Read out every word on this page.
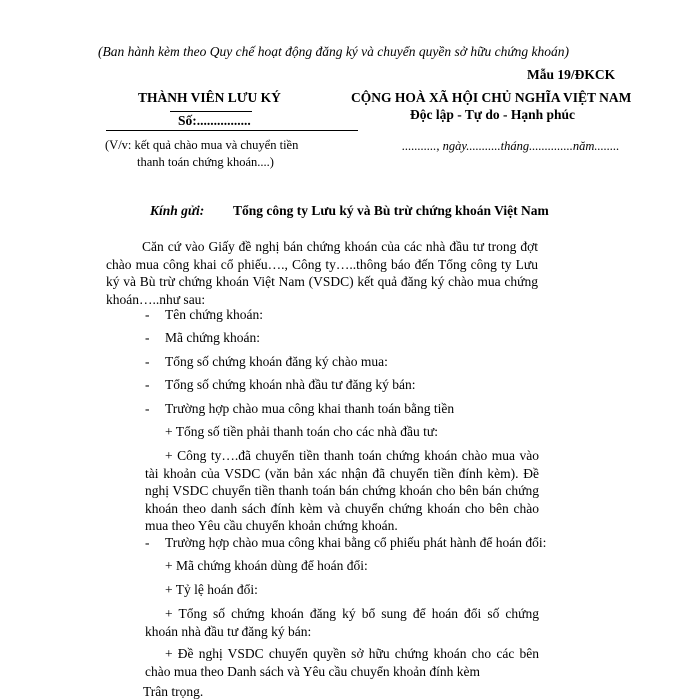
(Ban hành kèm theo Quy chế hoạt động đăng ký và chuyển quyền sở hữu chứng khoán)
Mẫu 19/ĐKCK
THÀNH VIÊN LƯU KÝ
Số:................
CỘNG HOÀ XÃ HỘI CHỦ NGHĨA VIỆT NAM
Độc lập - Tự do - Hạnh phúc
(V/v: kết quả chào mua và chuyển tiền
thanh toán chứng khoán....)
..........., ngày...........tháng..............năm........
Kính gửi: Tổng công ty Lưu ký và Bù trừ chứng khoán Việt Nam
Căn cứ vào Giấy đề nghị bán chứng khoán của các nhà đầu tư trong đợt chào mua công khai cổ phiếu…., Công ty…..thông báo đến Tổng công ty Lưu ký và Bù trừ chứng khoán Việt Nam (VSDC) kết quả đăng ký chào mua chứng khoán…..như sau:
- Tên chứng khoán:
- Mã chứng khoán:
- Tổng số chứng khoán đăng ký chào mua:
- Tổng số chứng khoán nhà đầu tư đăng ký bán:
- Trường hợp chào mua công khai thanh toán bằng tiền
+ Tổng số tiền phải thanh toán cho các nhà đầu tư:
+ Công ty….đã chuyển tiền thanh toán chứng khoán chào mua vào tài khoản của VSDC (văn bản xác nhận đã chuyển tiền đính kèm). Đề nghị VSDC chuyển tiền thanh toán bán chứng khoán cho bên bán chứng khoán theo danh sách đính kèm và chuyển chứng khoán cho bên chào mua theo Yêu cầu chuyển khoản chứng khoán.
- Trường hợp chào mua công khai bằng cổ phiếu phát hành để hoán đổi:
+ Mã chứng khoán dùng để hoán đổi:
+ Tỷ lệ hoán đổi:
+ Tổng số chứng khoán đăng ký bổ sung để hoán đổi số chứng khoán nhà đầu tư đăng ký bán:
+ Đề nghị VSDC chuyển quyền sở hữu chứng khoán cho các bên chào mua theo Danh sách và Yêu cầu chuyển khoản đính kèm
Trân trọng.
